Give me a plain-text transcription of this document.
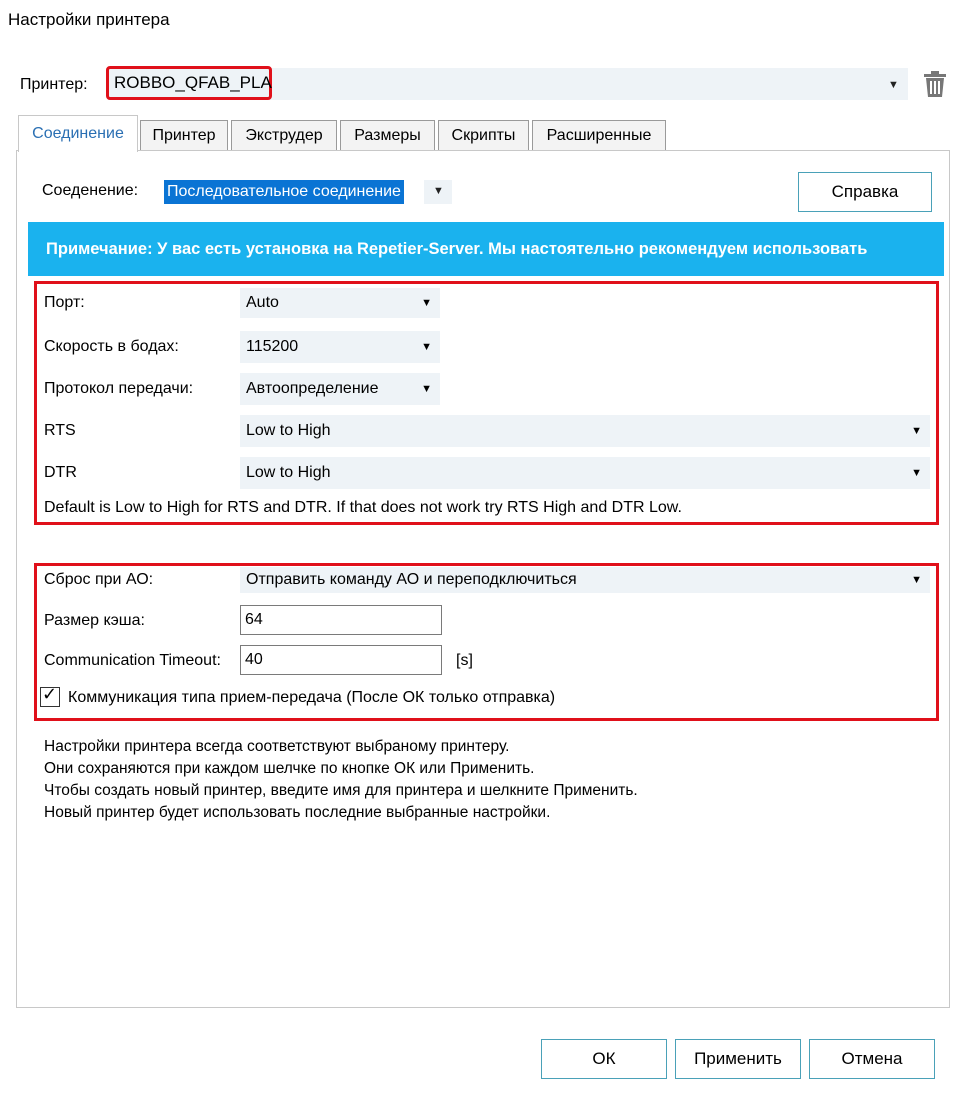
Настройки принтера
Принтер: ROBBO_QFAB_PLA	▼
Соединение	Принтер	Экструдер	Размеры	Скрипты	Расширенные
Соеденение: Последовательное соединение	▼	Справка
Примечание: У вас есть установка на Repetier-Server. Мы настоятельно рекомендуем использовать
Порт:	Auto	▼
Скорость в бодах:	115200	▼
Протокол передачи:	Автоопределение	▼
RTS	Low to High	▼
DTR	Low to High	▼
Default is Low to High for RTS and DTR. If that does not work try RTS High and DTR Low.
Сброс при АО:	Отправить команду АО и переподключиться	▼
Размер кэша:	64
Communication Timeout:	40	[s]
✓ Коммуникация типа прием-передача (После ОК только отправка)
Настройки принтера всегда соответствуют выбраному принтеру.
Они сохраняются при каждом шелчке по кнопке ОК или Применить.
Чтобы создать новый принтер, введите имя для принтера и шелкните Применить.
Новый принтер будет использовать последние выбранные настройки.
ОК	Применить	Отмена
